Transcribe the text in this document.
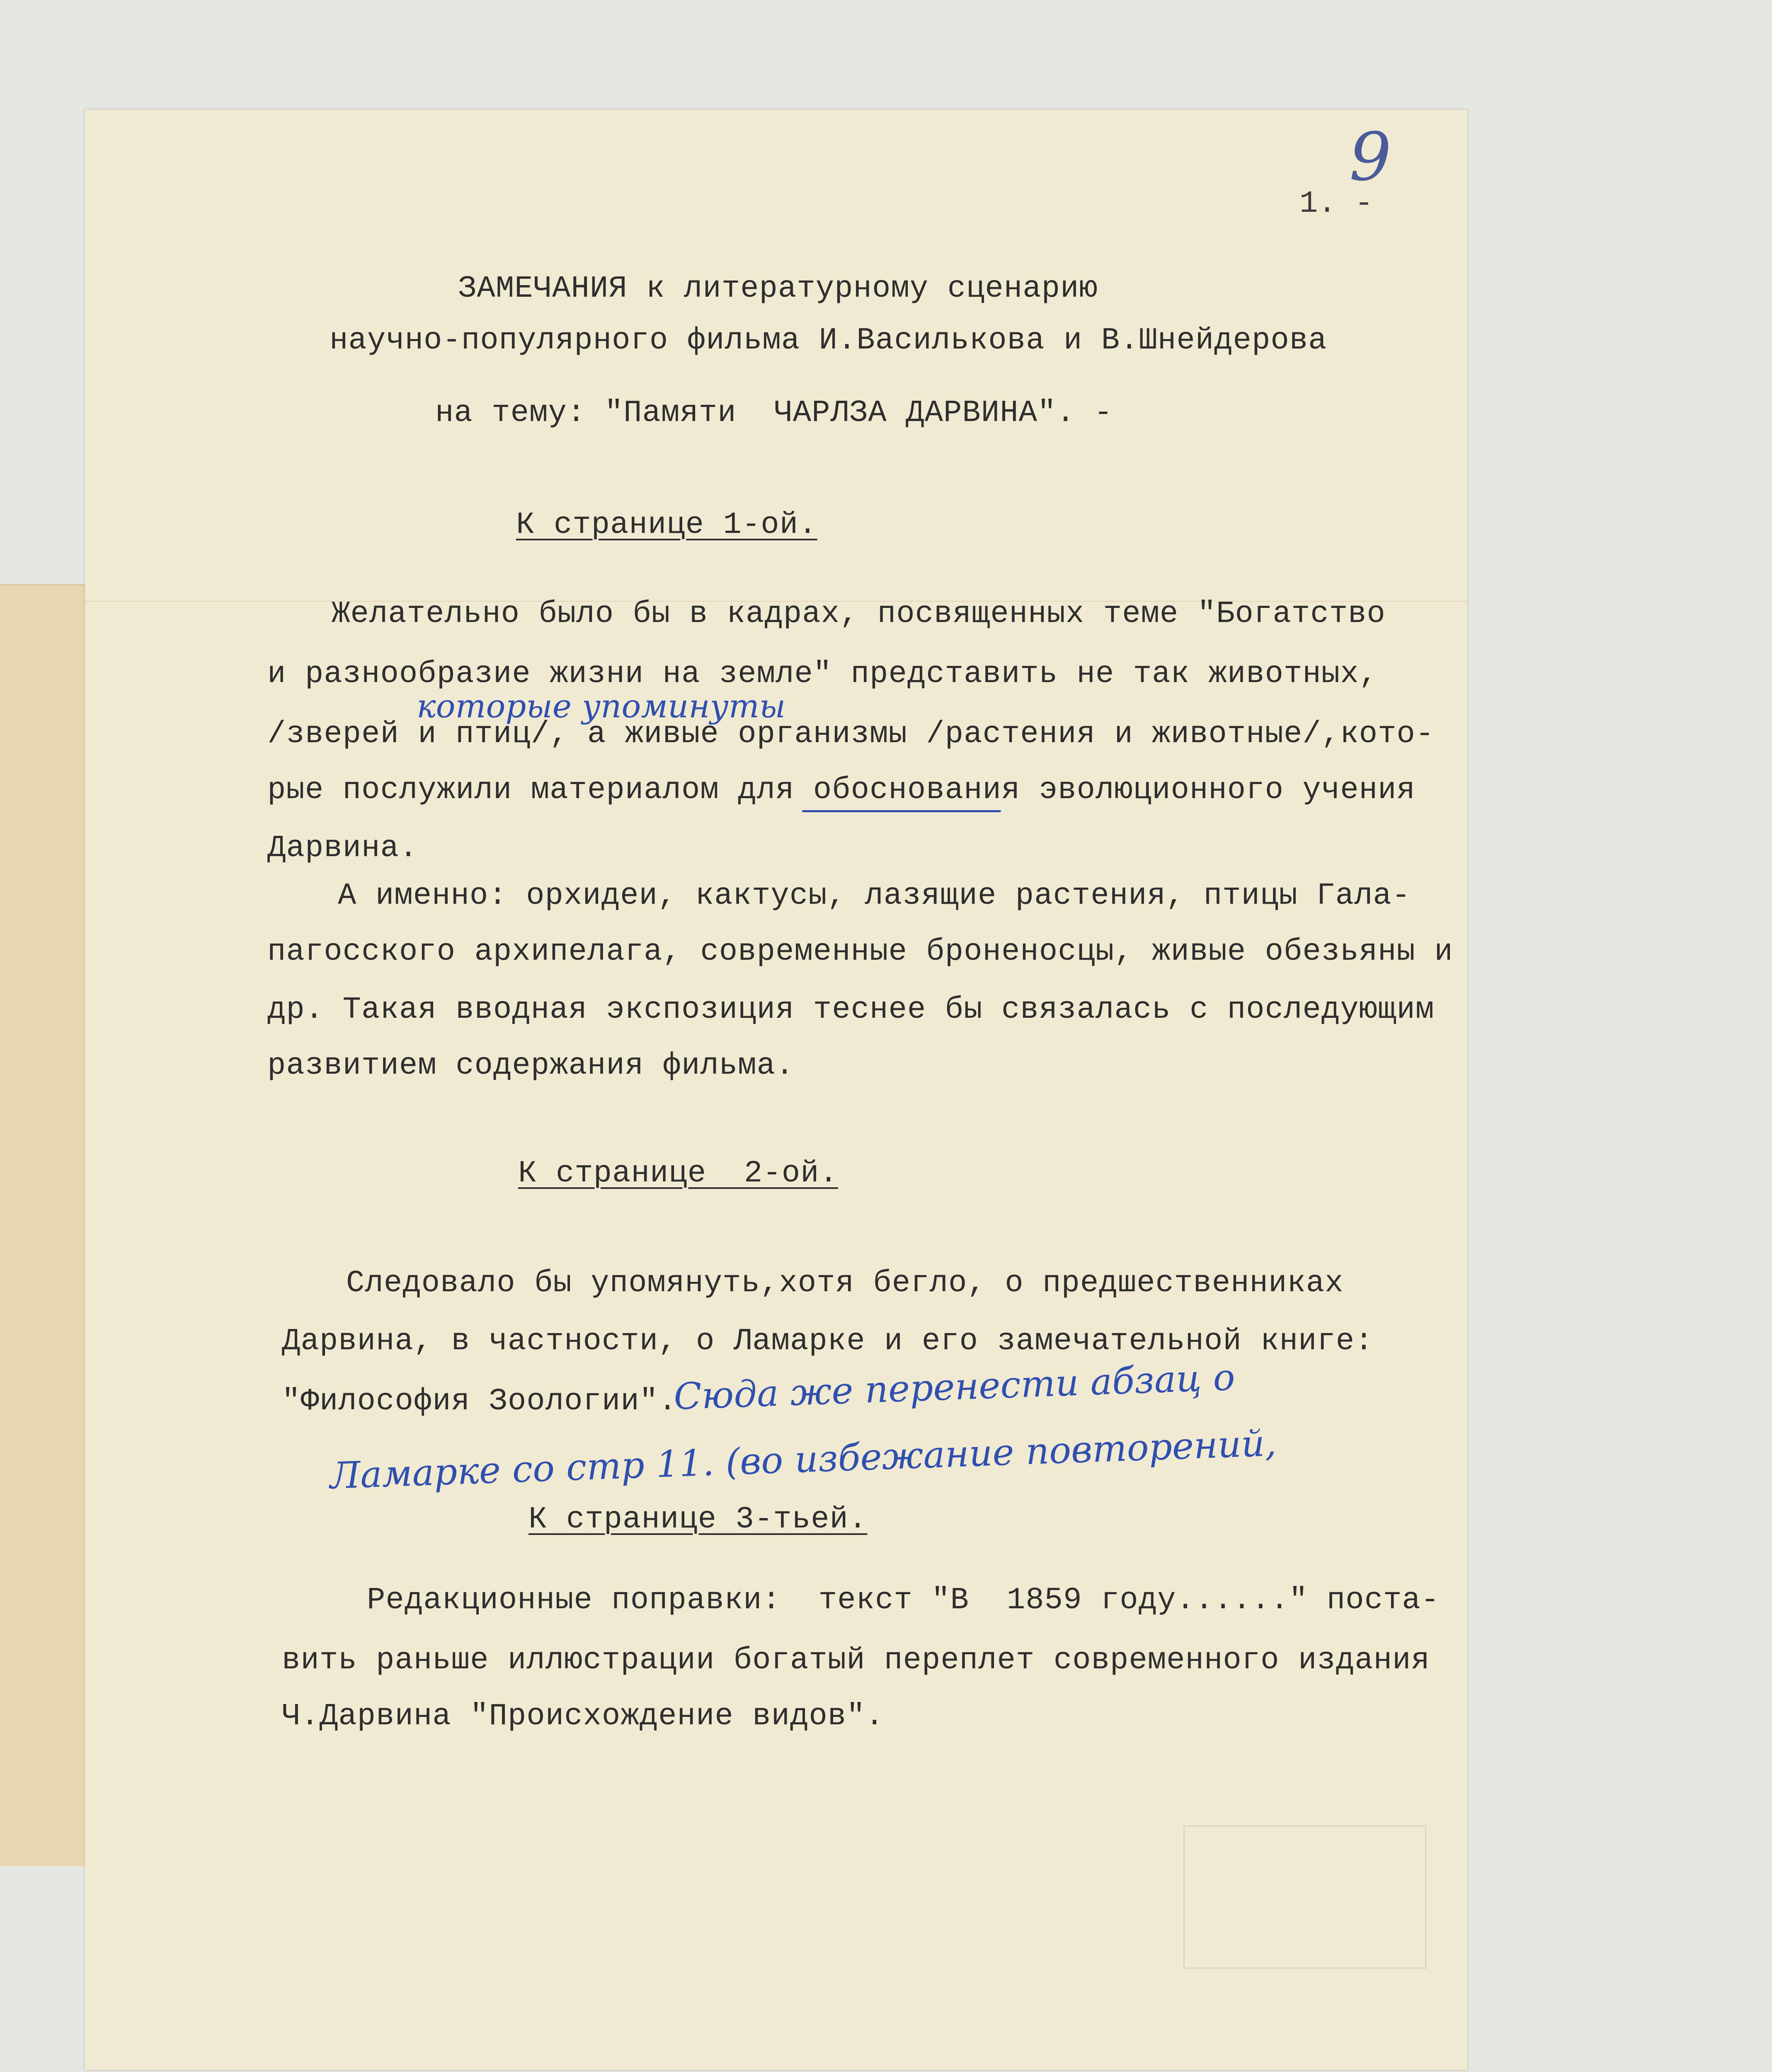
9
1. -
ЗАМЕЧАНИЯ к литературному сценарию
научно-популярного фильма И.Василькова и В.Шнейдерова
на тему: "Памяти  ЧАРЛЗА ДАРВИНА". -
К странице 1-ой.
Желательно было бы в кадрах, посвященных теме "Богатство
и разнообразие жизни на земле" представить не так животных,
/зверей и птиц/, а живые организмы /растения и животные/,кото-
рые послужили материалом для обоснования эволюционного учения
Дарвина.
А именно: орхидеи, кактусы, лазящие растения, птицы Гала-
пагосского архипелага, современные броненосцы, живые обезьяны и
др. Такая вводная экспозиция теснее бы связалась с последующим
развитием содержания фильма.
которые упоминуты
К странице  2-ой.
Следовало бы упомянуть,хотя бегло, о предшественниках
Дарвина, в частности, о Ламарке и его замечательной книге:
"Философия Зоологии".
Сюда же перенести абзац о
Ламарке со стр 11. (во избежание повторений,
К странице 3-тьей.
Редакционные поправки:  текст "В  1859 году......" поста-
вить раньше иллюстрации богатый переплет современного издания
Ч.Дарвина "Происхождение видов".
